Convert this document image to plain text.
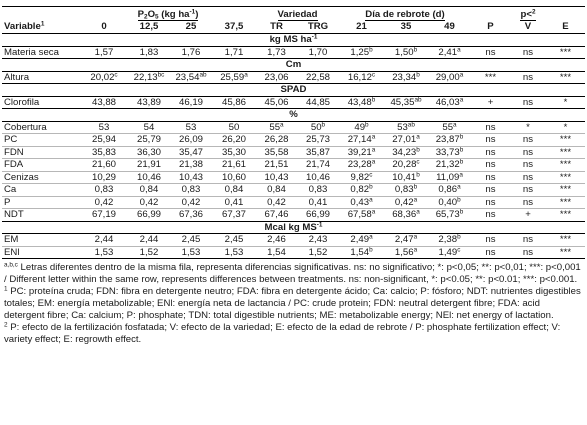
	$P_2O_5$ (kg $ha^{-1}$)				Variedad		Día de rebrote (d)			p<$^2$
Variable$^1$	0	12,5	25	37,5	TR	TRG	21	35	49	P	V	E
kg MS $ha^{-1}$
Materia seca	1,57	1,83	1,76	1,71	1,73	1,70	1,25$^b$	1,50$^b$	2,41$^a$	ns	ns	***
Cm												
Altura	20,02$^c$	22,13$^{bc}$	23,54$^{ab}$	25,59$^a$	23,06	22,58	16,12$^c$	23,34$^b$	29,00$^a$	***	ns	***
SPAD												
Clorofila	43,88	43,89	46,19	45,86	45,06	44,85	43,48$^b$	45,35$^{ab}$	46,03$^a$	+	ns	*
%												
Cobertura	53	54	53	50	55$^a$	50$^b$	49$^b$	$53^{ab}$	55$^a$	ns	*	*
PC	25,94	25,79	26,09	26,20	26,28	25,73	27,14$^a$	27,01$^a$	23,87$^b$	ns	ns	***
FDN	35,83	36,30	35,47	35,30	35,58	35,87	39,21$^a$	34,23$^b$	33,73$^b$	ns	ns	***
FDA	21,60	21,91	21,38	21,61	21,51	21,74	23,28$^a$	20,28$^c$	21,32$^b$	ns	ns	***
Cenizas	10,29	10,46	10,43	10,60	10,43	10,46	9,82$^c$	10,41$^b$	11,09$^a$	ns	ns	***
Ca	0,83	0,84	0,83	0,84	0,84	0,83	0,82$^b$	0,83$^b$	0,86$^a$	ns	ns	***
P	0,42	0,42	0,42	0,41	0,42	0,41	0,43$^a$	0,42$^a$	0,40$^b$	ns	ns	***
NDT	67,19	66,99	67,36	67,37	67,46	66,99	67,58$^a$	68,36$^a$	65,73$^b$	ns	+	***
Mcal kg $MS^{-1}$
EM	2,44	2,44	2,45	2,45	2,46	2,43	2,49$^a$	2,47$^a$	2,38$^b$	ns	ns	***
ENl	1,53	1,52	1,53	1,53	1,54	1,52	1,54$^b$	1,56$^a$	1,49$^c$	ns	ns	***

$^{a,b,c}$ Letras diferentes dentro de la misma fila, representa diferencias significativas. ns: no significativo; *: p<0,05; **: p<0,01; ***: p<0,001 / Different letter within the same row, represents differences between treatments. ns: non-significant, *: p<0.05; **: p<0.01; ***: p<0.001.

$^1$ PC: proteína cruda; FDN: fibra en detergente neutro; FDA: fibra en detergente ácido; Ca: calcio; P: fósforo; NDT: nutrientes digestibles totales; EM: energía metabolizable; ENl: energía neta de lactancia / PC: crude protein; FDN: neutral detergent fibre; FDA: acid detergent fibre; Ca: calcium; P: phosphate; TDN: total digestible nutrients; ME: metabolizable energy; NEl: net energy of lactation.

$^2$ P: efecto de la fertilización fosfatada; V: efecto de la variedad; E: efecto de la edad de rebrote / P: phosphate fertilization effect; V: variety effect; E: regrowth effect.
